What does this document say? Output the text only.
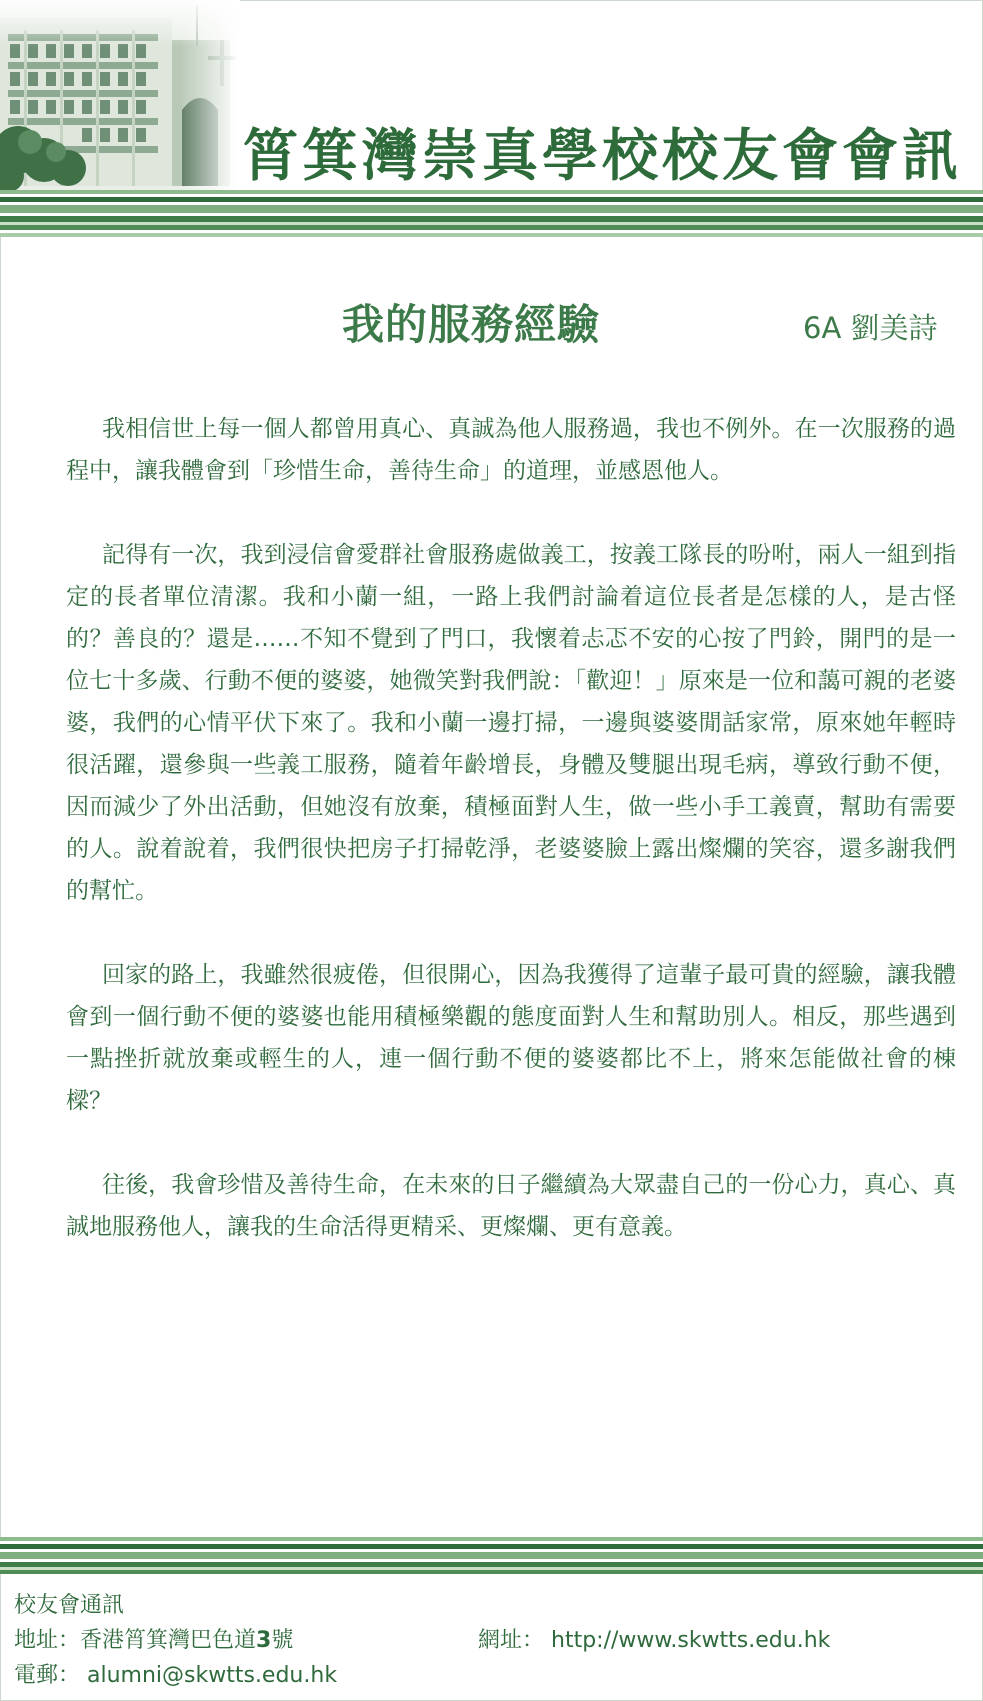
筲箕灣崇真學校校友會會訊
我的服務經驗	6A 劉美詩

我相信世上每一個人都曾用真心、真誠為他人服務過，我也不例外。在一次服務的過程中，讓我體會到「珍惜生命，善待生命」的道理，並感恩他人。

記得有一次，我到浸信會愛群社會服務處做義工，按義工隊長的吩咐，兩人一組到指定的長者單位清潔。我和小蘭一組，一路上我們討論着這位長者是怎樣的人，是古怪的？善良的？還是……不知不覺到了門口，我懷着忐忑不安的心按了門鈴，開門的是一位七十多歲、行動不便的婆婆，她微笑對我們說：「歡迎！」原來是一位和藹可親的老婆婆，我們的心情平伏下來了。我和小蘭一邊打掃，一邊與婆婆閒話家常，原來她年輕時很活躍，還參與一些義工服務，隨着年齡增長，身體及雙腿出現毛病，導致行動不便，因而減少了外出活動，但她沒有放棄，積極面對人生，做一些小手工義賣，幫助有需要的人。說着說着，我們很快把房子打掃乾淨，老婆婆臉上露出燦爛的笑容，還多謝我們的幫忙。

回家的路上，我雖然很疲倦，但很開心，因為我獲得了這輩子最可貴的經驗，讓我體會到一個行動不便的婆婆也能用積極樂觀的態度面對人生和幫助別人。相反，那些遇到一點挫折就放棄或輕生的人，連一個行動不便的婆婆都比不上，將來怎能做社會的棟樑？

往後，我會珍惜及善待生命，在未來的日子繼續為大眾盡自己的一份心力，真心、真誠地服務他人，讓我的生命活得更精采、更燦爛、更有意義。

校友會通訊
地址：香港筲箕灣巴色道3號
電郵： alumni@skwtts.edu.hk
網址： http://www.skwtts.edu.hk
